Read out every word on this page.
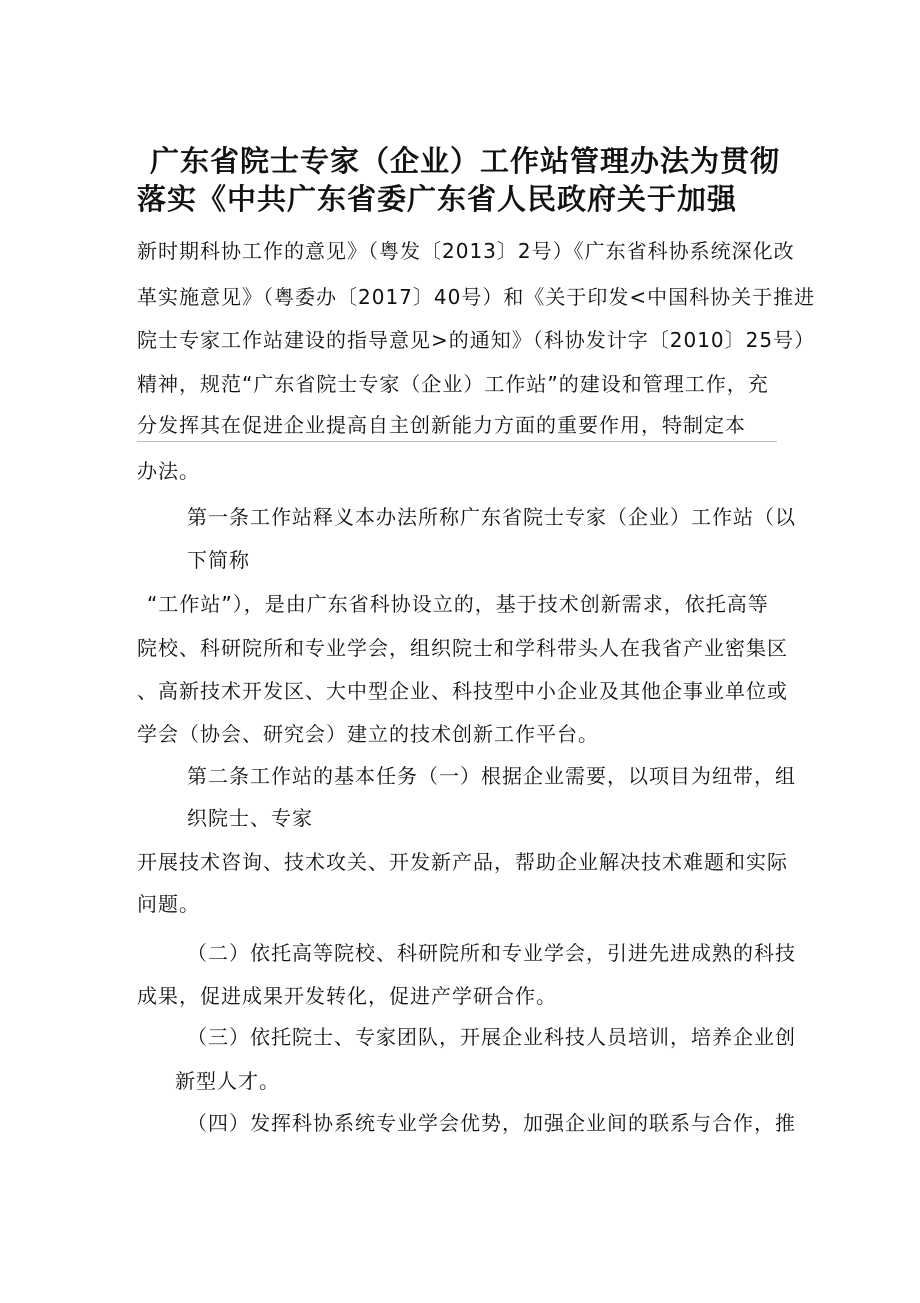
广东省院士专家（企业）工作站管理办法为贯彻
落实《中共广东省委广东省人民政府关于加强
新时期科协工作的意见》（粤发〔2013〕2号）《广东省科协系统深化改
革实施意见》（粤委办〔2017〕40号）和《关于印发<中国科协关于推进
院士专家工作站建设的指导意见>的通知》（科协发计字〔2010〕25号）
精神，规范“广东省院士专家（企业）工作站”的建设和管理工作，充
分发挥其在促进企业提高自主创新能力方面的重要作用，特制定本
办法。
第一条工作站释义本办法所称广东省院士专家（企业）工作站（以
下简称
“工作站”），是由广东省科协设立的，基于技术创新需求，依托高等
院校、科研院所和专业学会，组织院士和学科带头人在我省产业密集区
、高新技术开发区、大中型企业、科技型中小企业及其他企事业单位或
学会（协会、研究会）建立的技术创新工作平台。
第二条工作站的基本任务（一）根据企业需要，以项目为纽带，组
织院士、专家
开展技术咨询、技术攻关、开发新产品，帮助企业解决技术难题和实际
问题。
（二）依托高等院校、科研院所和专业学会，引进先进成熟的科技
成果，促进成果开发转化，促进产学研合作。
（三）依托院士、专家团队，开展企业科技人员培训，培养企业创
新型人才。
（四）发挥科协系统专业学会优势，加强企业间的联系与合作，推
